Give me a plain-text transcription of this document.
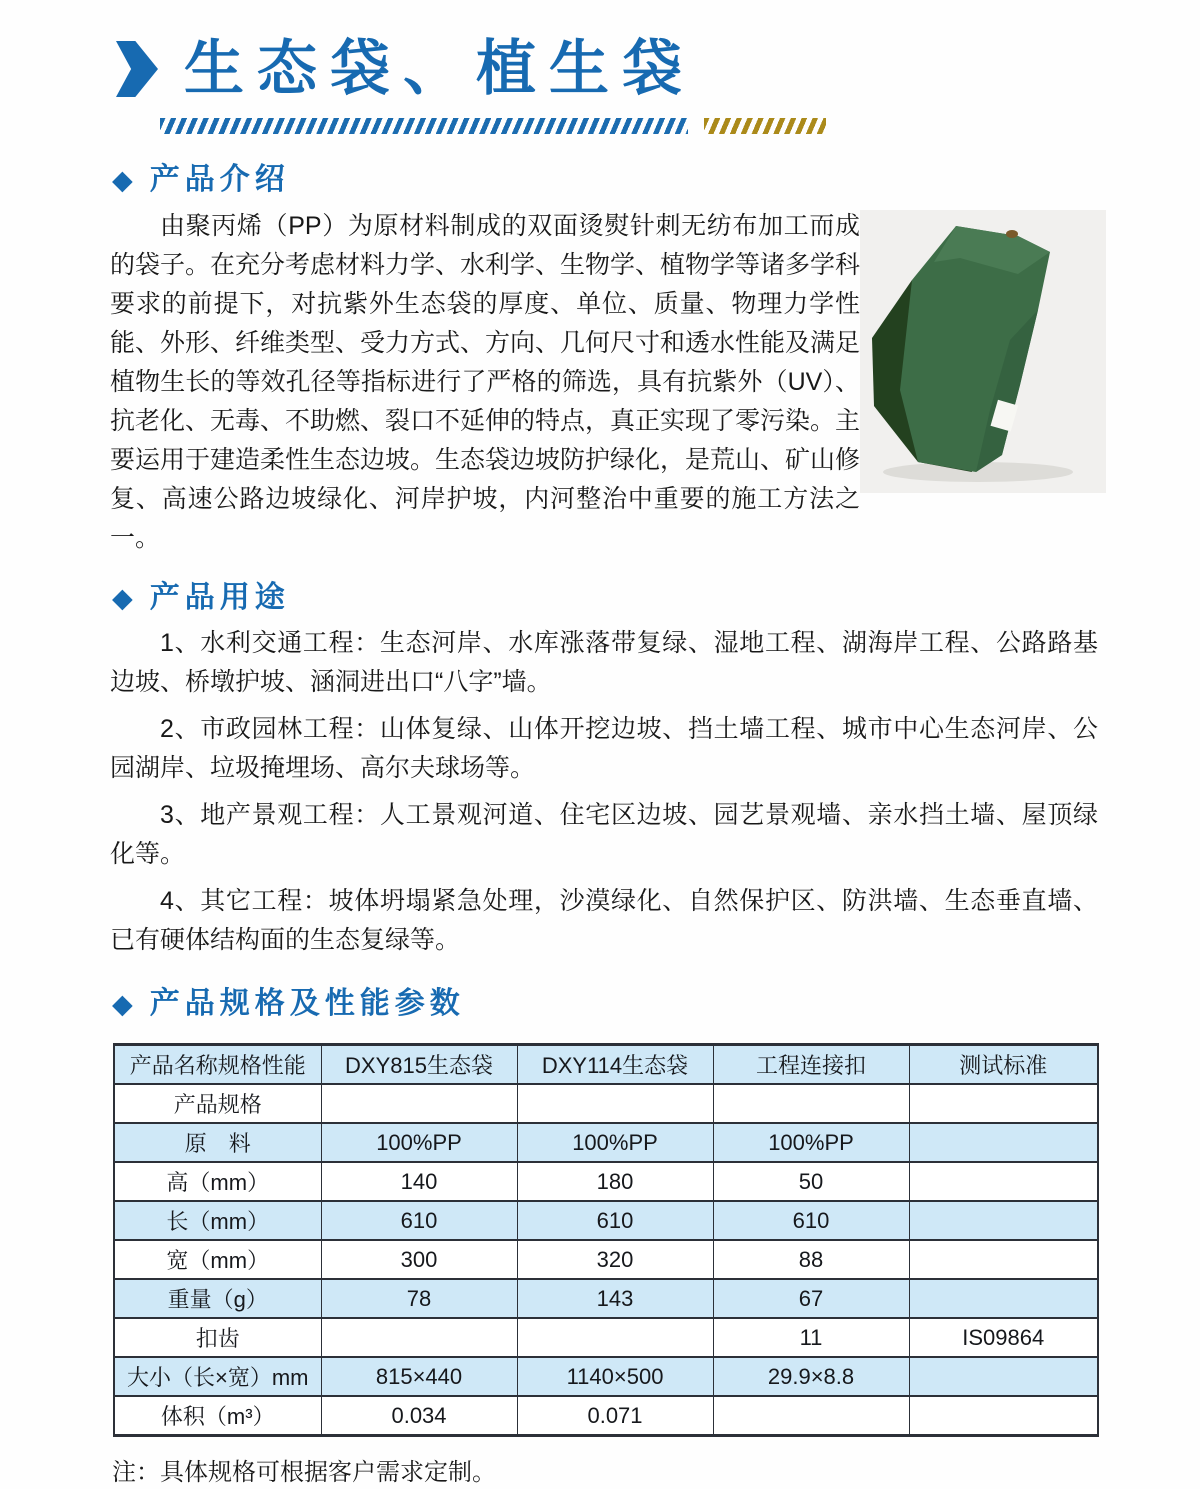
生态袋、植生袋
◆ 产品介绍

由聚丙烯（PP）为原材料制成的双面烫熨针刺无纺布加工而成的袋子。在充分考虑材料力学、水利学、生物学、植物学等诸多学科要求的前提下，对抗紫外生态袋的厚度、单位、质量、物理力学性能、外形、纤维类型、受力方式、方向、几何尺寸和透水性能及满足植物生长的等效孔径等指标进行了严格的筛选，具有抗紫外（UV）、抗老化、无毒、不助燃、裂口不延伸的特点，真正实现了零污染。主要运用于建造柔性生态边坡。生态袋边坡防护绿化，是荒山、矿山修复、高速公路边坡绿化、河岸护坡，内河整治中重要的施工方法之一。

◆ 产品用途

1、水利交通工程：生态河岸、水库涨落带复绿、湿地工程、湖海岸工程、公路路基边坡、桥墩护坡、涵洞进出口“八字”墙。

2、市政园林工程：山体复绿、山体开挖边坡、挡土墙工程、城市中心生态河岸、公园湖岸、垃圾掩埋场、高尔夫球场等。

3、地产景观工程：人工景观河道、住宅区边坡、园艺景观墙、亲水挡土墙、屋顶绿化等。

4、其它工程：坡体坍塌紧急处理，沙漠绿化、自然保护区、防洪墙、生态垂直墙、已有硬体结构面的生态复绿等。

◆ 产品规格及性能参数
产品名称规格性能	DXY815生态袋	DXY114生态袋	工程连接扣	测试标准
产品规格				
原　料	100%PP	100%PP	100%PP	
高（mm）	140	180	50	
长（mm）	610	610	610	
宽（mm）	300	320	88	
重量（g）	78	143	67	
扣齿			11	IS09864
大小（长×宽）mm	815×440	1140×500	29.9×8.8	
体积（m³）	0.034	0.071		
注：具体规格可根据客户需求定制。
